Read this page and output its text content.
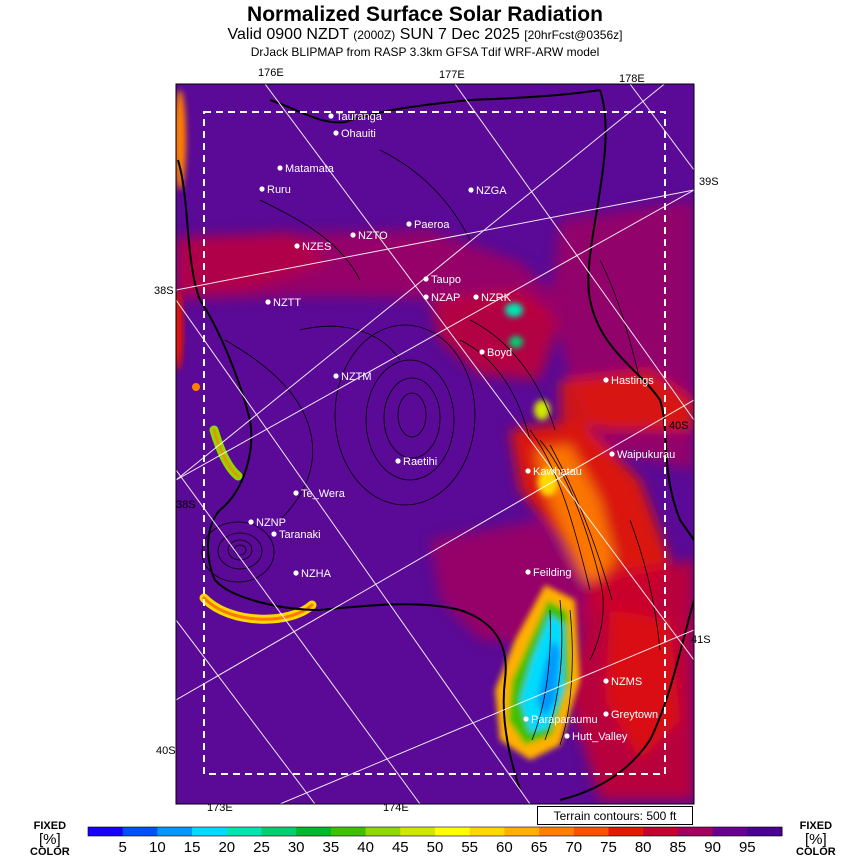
Normalized Surface Solar Radiation
Valid 0900 NZDT (2000Z) SUN 7 Dec 2025 [20hrFcst@0356z]
DrJack BLIPMAP from RASP 3.3km GFSA Tdif WRF-ARW model
176E	177E	178E
173E	174E
39S
38S
40S
38S
41S
40S
Tauranga
Ohauiti
Matamata
Ruru	NZGA
Paeroa
NZES
NZTO
Taupo
NZAP NZRK
NZTT
Boyd
NZTM	Hastings
Raetihi
Waipukurau
Kawhatau
Te_Wera
NZNP
Taranaki
NZHA	Feilding
NZMS
Greytown
Paraparaumu
Hutt_Valley
5 10 15 20 25 30 35 40 45 50 55 60 65 70 75 80 85 90 95
Terrain contours: 500 ft
FIXED
[%]
COLOR
FIXED
[%]
COLOR
